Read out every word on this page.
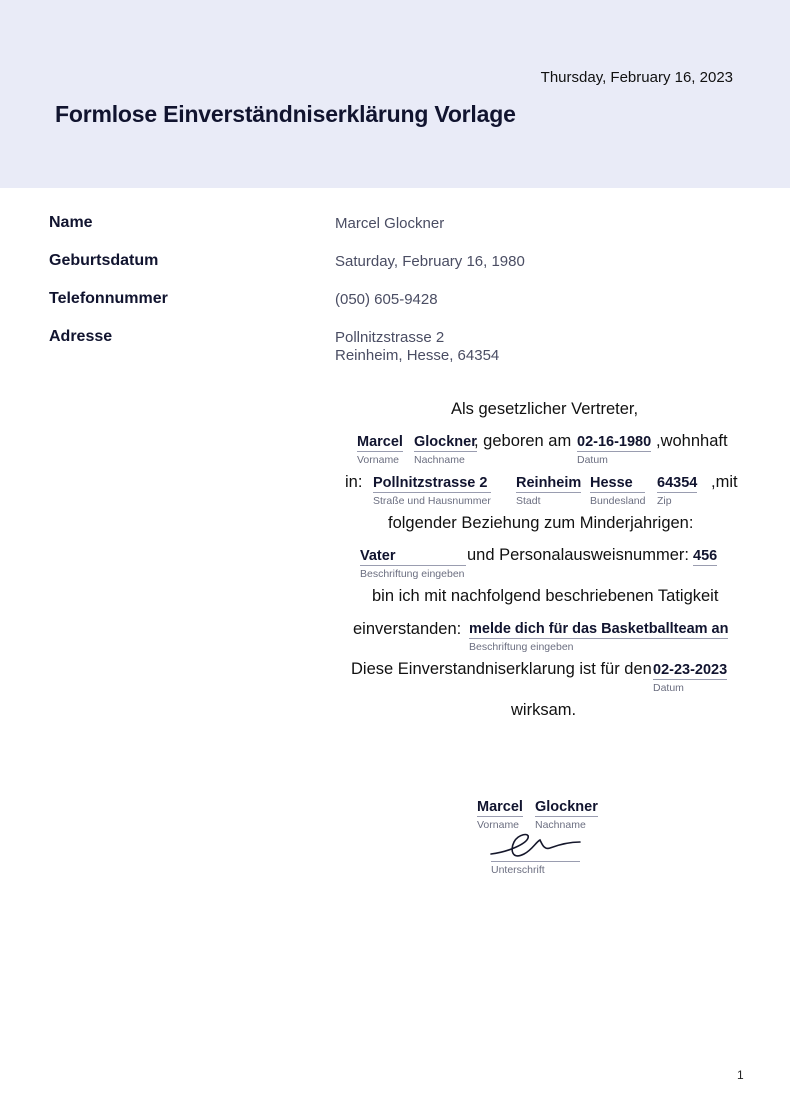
Thursday, February 16, 2023
Formlose Einverständniserklärung Vorlage
Name	Marcel Glockner
Geburtsdatum	Saturday, February 16, 1980
Telefonnummer	(050) 605-9428
Adresse	Pollnitzstrasse 2
Reinheim, Hesse, 64354
Als gesetzlicher Vertreter,
Marcel
Vorname
Glockner
Nachname
, geboren am 02-16-1980
Datum
,wohnhaft
in: Pollnitzstrasse 2
Straße und Hausnummer
Reinheim
Stadt
Hesse
Bundesland
64354
Zip
,mit
folgender Beziehung zum Minderjahrigen:
Vater
Beschriftung eingeben
und Personalausweisnummer: 456
bin ich mit nachfolgend beschriebenen Tatigkeit
einverstanden: melde dich für das Basketballteam an
Beschriftung eingeben
Diese Einverstandniserklarung ist für den 02-23-2023
Datum
wirksam.
Marcel
Vorname
Glockner
Nachname
Unterschrift
1
